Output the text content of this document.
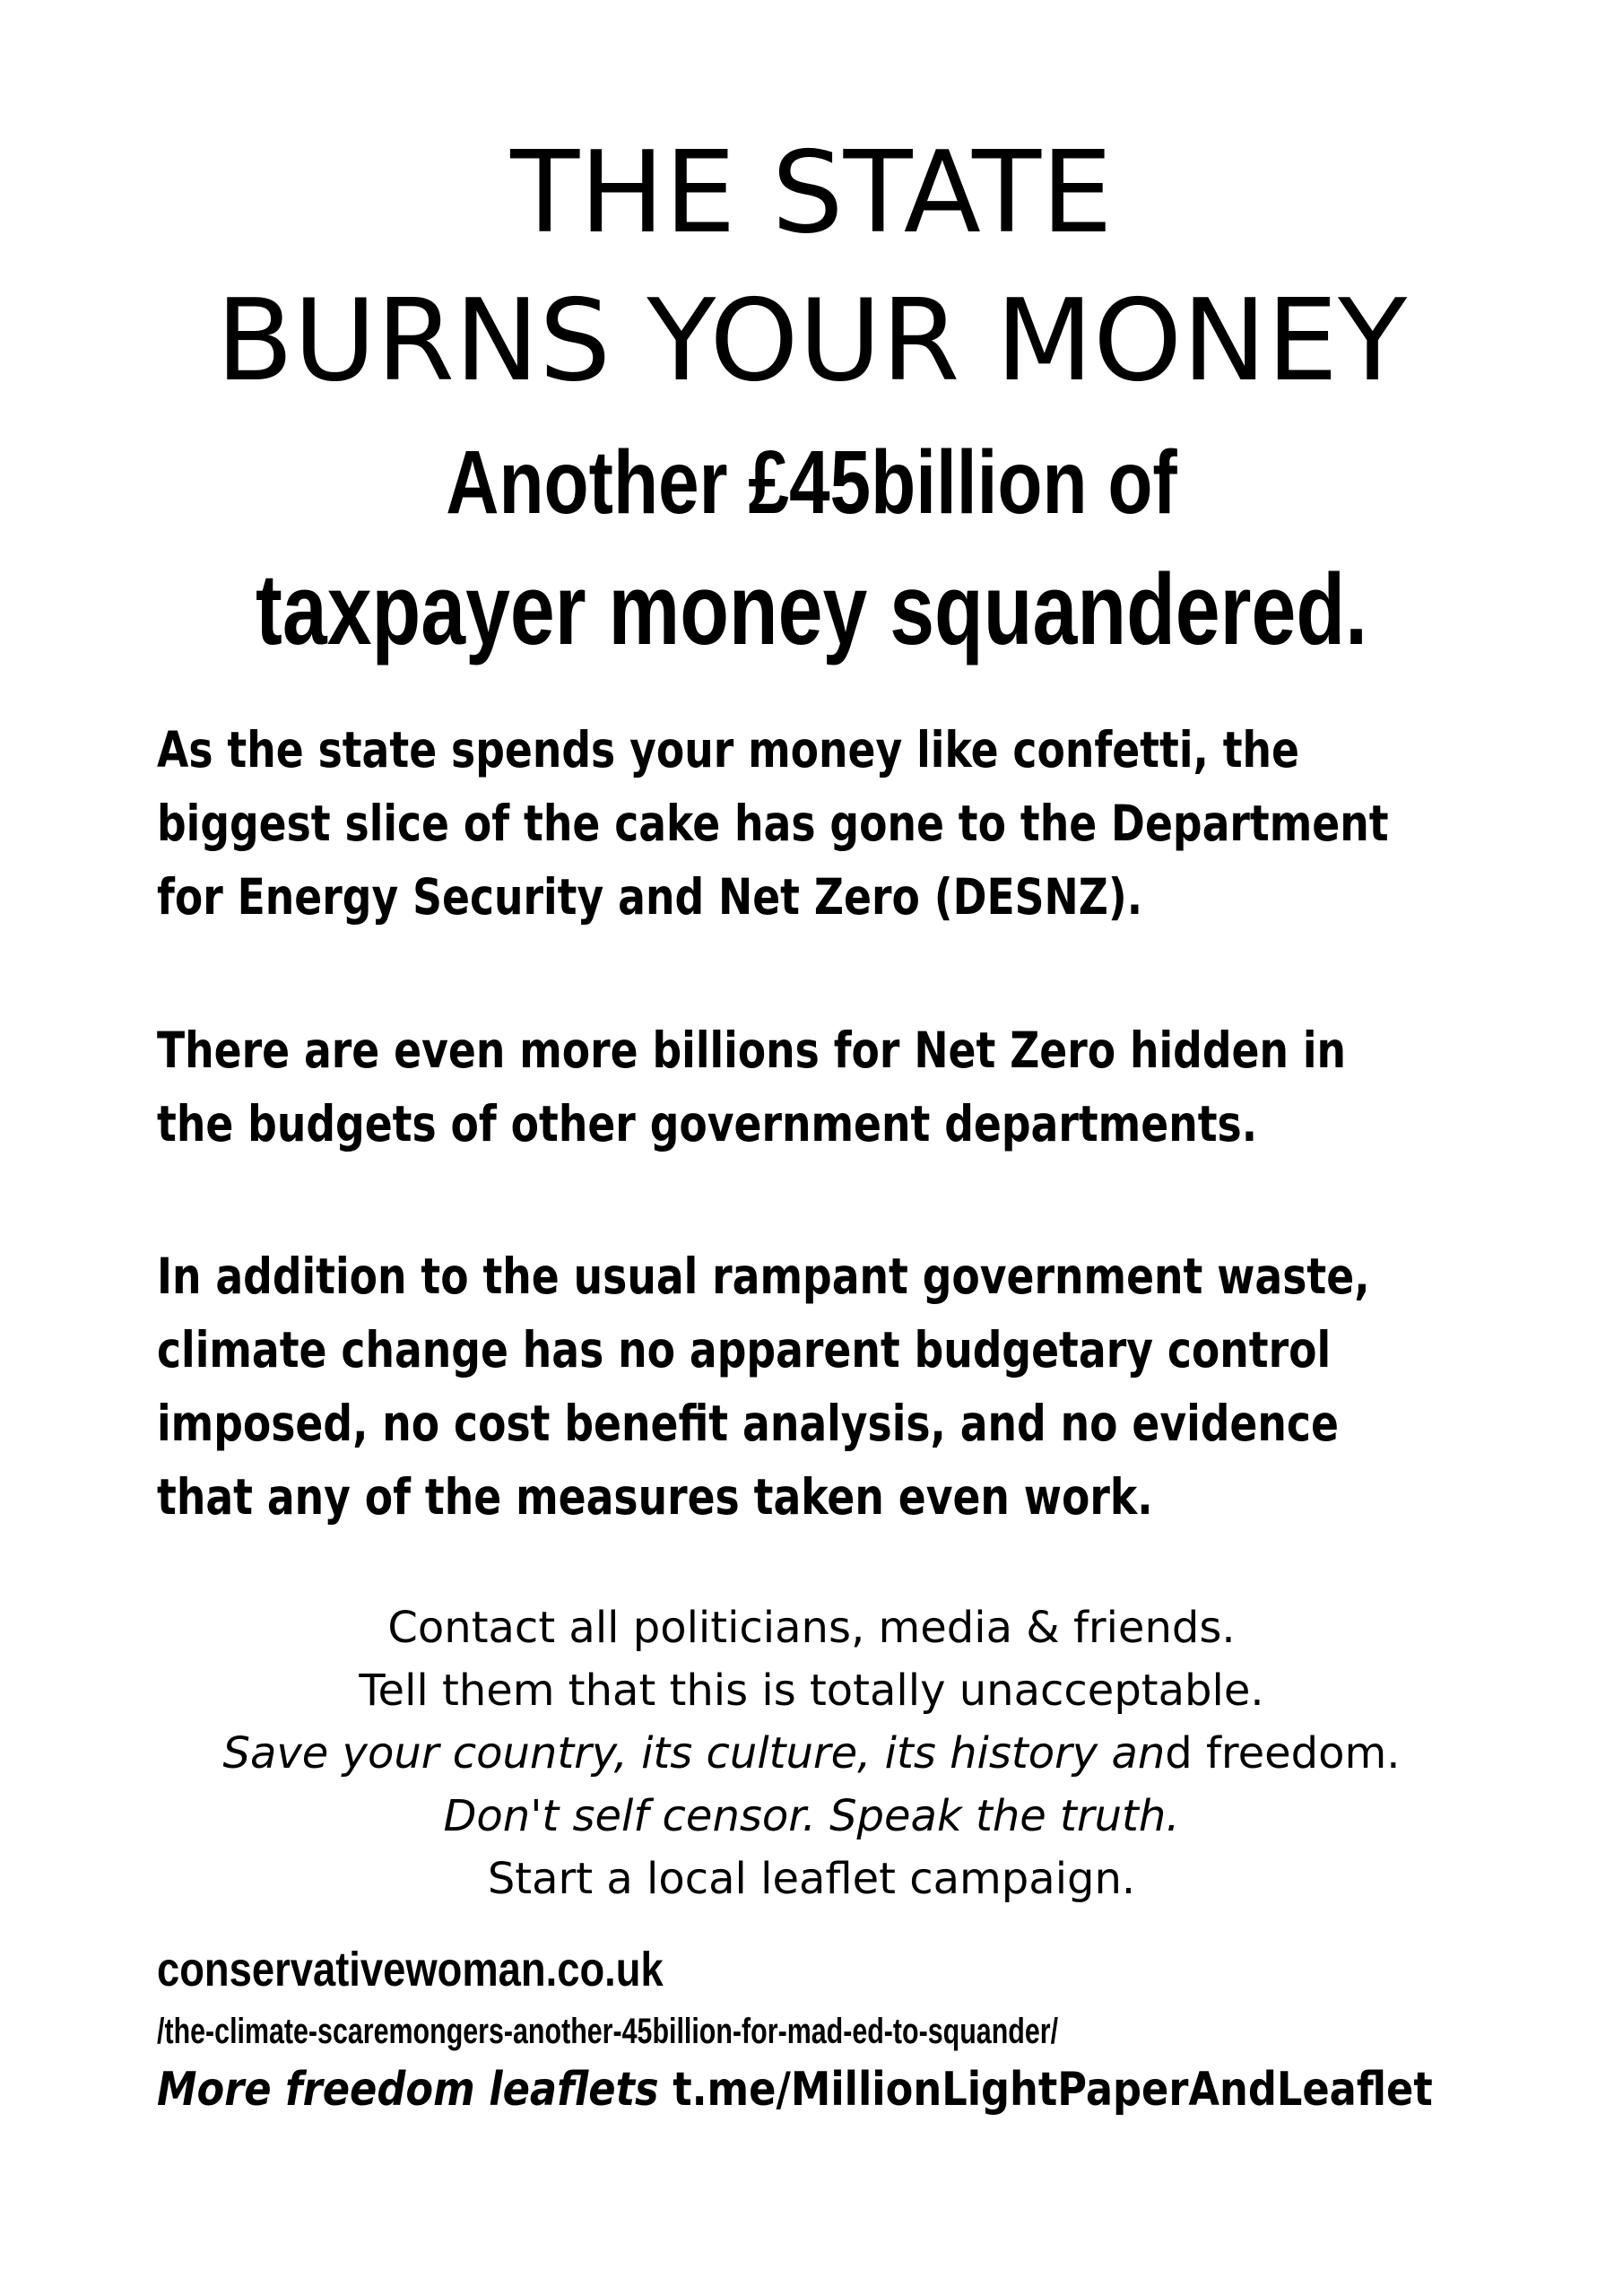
THE STATE
BURNS YOUR MONEY
Another £45billion of
taxpayer money squandered.
As the state spends your money like confetti, the
biggest slice of the cake has gone to the Department
for Energy Security and Net Zero (DESNZ).
There are even more billions for Net Zero hidden in
the budgets of other government departments.
In addition to the usual rampant government waste,
climate change has no apparent budgetary control
imposed, no cost benefit analysis, and no evidence
that any of the measures taken even work.
Contact all politicians, media & friends.
Tell them that this is totally unacceptable.
Save your country, its culture, its history and freedom.
Don't self censor. Speak the truth.
Start a local leaflet campaign.
conservativewoman.co.uk
/the-climate-scaremongers-another-45billion-for-mad-ed-to-squander/
More freedom leaflets t.me/MillionLightPaperAndLeaflet
